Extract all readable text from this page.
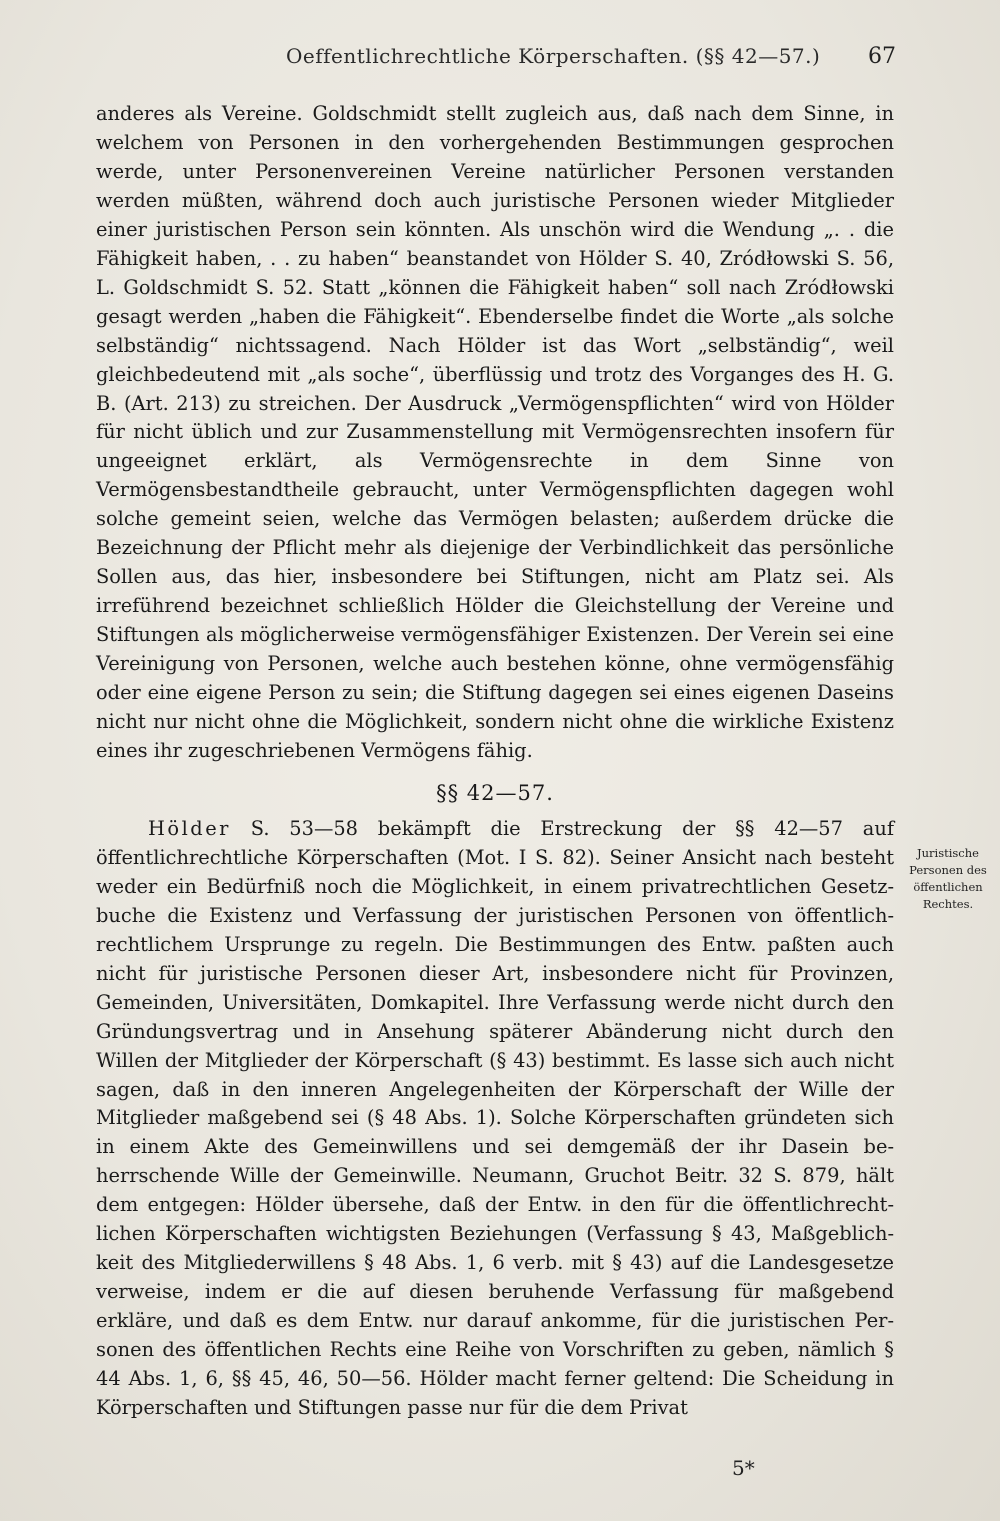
Oeffentlichrechtliche Körperschaften. (§§ 42—57.) 67

anderes als Vereine. Goldschmidt stellt zugleich aus, daß nach dem Sinne, in welchem von Personen in den vorhergehenden Bestimmungen gesprochen werde, unter Personenvereinen Vereine natürlicher Personen verstanden werden müßten, während doch auch juristische Personen wieder Mitglieder einer juristischen Person sein könnten. Als unschön wird die Wendung „. . die Fähigkeit haben, . . zu haben“ beanstandet von Hölder S. 40, Zródłowski S. 56, L. Goldschmidt S. 52. Statt „können die Fähigkeit haben“ soll nach Zródłowski gesagt werden „haben die Fähigkeit“. Ebenderselbe findet die Worte „als solche selbständig“ nichtssagend. Nach Hölder ist das Wort „selbständig“, weil gleichbedeutend mit „als soche“, überflüssig und trotz des Vorganges des H. G. B. (Art. 213) zu streichen. Der Ausdruck „Vermögenspflichten“ wird von Hölder für nicht üblich und zur Zusammenstellung mit Vermögensrechten insofern für ungeeignet erklärt, als Vermögensrechte in dem Sinne von Vermögensbestandtheile gebraucht, unter Vermögenspflichten dagegen wohl solche gemeint seien, welche das Vermögen belasten; außerdem drücke die Bezeichnung der Pflicht mehr als diejenige der Verbindlichkeit das persönliche Sollen aus, das hier, insbesondere bei Stiftungen, nicht am Platz sei. Als irreführend bezeichnet schließlich Hölder die Gleichstellung der Vereine und Stiftungen als möglicherweise vermögensfähiger Existenzen. Der Verein sei eine Vereinigung von Personen, welche auch bestehen könne, ohne vermögensfähig oder eine eigene Person zu sein; die Stiftung dagegen sei eines eigenen Daseins nicht nur nicht ohne die Möglichkeit, sondern nicht ohne die wirkliche Existenz eines ihr zugeschriebenen Vermögens fähig.

§§ 42—57.

Hölder S. 53—58 bekämpft die Erstreckung der §§ 42—57 auf öffentlichrechtliche Körperschaften (Mot. I S. 82). Seiner Ansicht nach besteht weder ein Bedürfniß noch die Möglichkeit, in einem privatrechtlichen Gesetzbuche die Existenz und Verfassung der juristischen Personen von öffentlichrechtlichem Ursprunge zu regeln. Die Bestimmungen des Entw. paßten auch nicht für juristische Personen dieser Art, insbesondere nicht für Provinzen, Gemeinden, Universitäten, Domkapitel. Ihre Verfassung werde nicht durch den Gründungsvertrag und in Ansehung späterer Abänderung nicht durch den Willen der Mitglieder der Körperschaft (§ 43) bestimmt. Es lasse sich auch nicht sagen, daß in den inneren Angelegenheiten der Körperschaft der Wille der Mitglieder maßgebend sei (§ 48 Abs. 1). Solche Körperschaften gründeten sich in einem Akte des Gemeinwillens und sei demgemäß der ihr Dasein beherrschende Wille der Gemeinwille. Neumann, Gruchot Beitr. 32 S. 879, hält dem entgegen: Hölder übersehe, daß der Entw. in den für die öffentlichrechtlichen Körperschaften wichtigsten Beziehungen (Verfassung § 43, Maßgeblichkeit des Mitgliederwillens § 48 Abs. 1, 6 verb. mit § 43) auf die Landesgesetze verweise, indem er die auf diesen beruhende Verfassung für maßgebend erkläre, und daß es dem Entw. nur darauf ankomme, für die juristischen Personen des öffentlichen Rechts eine Reihe von Vorschriften zu geben, nämlich § 44 Abs. 1, 6, §§ 45, 46, 50—56. Hölder macht ferner geltend: Die Scheidung in Körperschaften und Stiftungen passe nur für die dem Privat

Juristische
Personen des
öffentlichen
Rechtes.
5*
